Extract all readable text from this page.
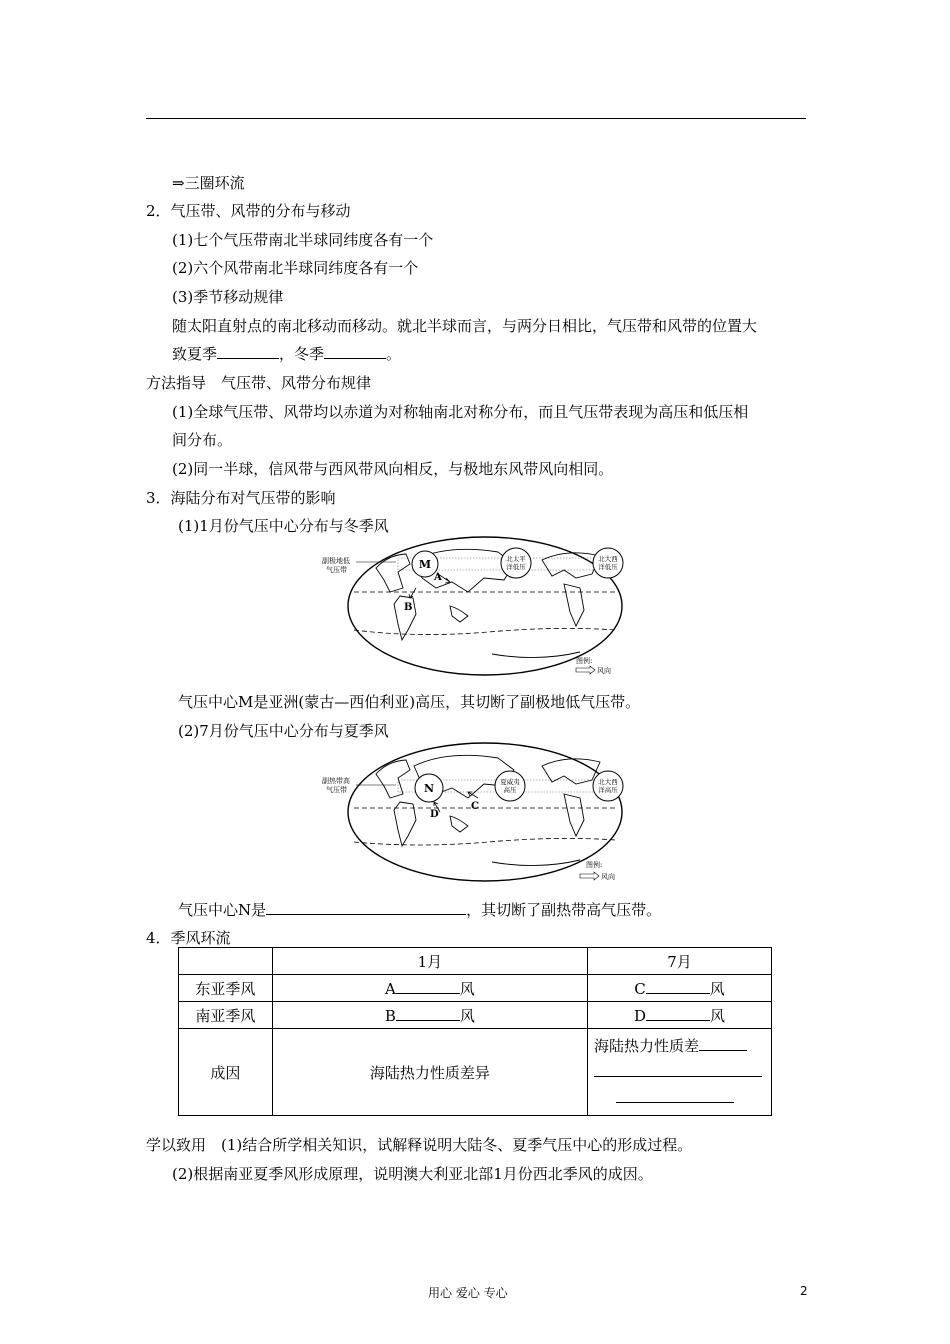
⇒三圈环流
2．气压带、风带的分布与移动
(1)七个气压带南北半球同纬度各有一个
(2)六个风带南北半球同纬度各有一个
(3)季节移动规律
随太阳直射点的南北移动而移动。就北半球而言，与两分日相比，气压带和风带的位置大
致夏季	，冬季	。
方法指导　气压带、风带分布规律
(1)全球气压带、风带均以赤道为对称轴南北对称分布，而且气压带表现为高压和低压相
间分布。
(2)同一半球，信风带与西风带风向相反，与极地东风带风向相同。
3．海陆分布对气压带的影响
(1)1月份气压中心分布与冬季风
副极地低
气压带	M	北太平
洋低压
北大西
洋低压
A
B
图例:
风向
气压中心M是亚洲(蒙古—西伯利亚)高压，其切断了副极地低气压带。
(2)7月份气压中心分布与夏季风
副热带高
气压带	N	夏威夷
高压
北大西
洋高压
C
D
图例:
风向
气压中心N是	，其切断了副热带高气压带。
4．季风环流
	1月	7月
东亚季风	A 风	C 风
南亚季风	B 风	D 风
成因	海陆热力性质差异	海陆热力性质差

学以致用　(1)结合所学相关知识，试解释说明大陆冬、夏季气压中心的形成过程。
(2)根据南亚夏季风形成原理，说明澳大利亚北部1月份西北季风的成因。
用心 爱心 专心	2
